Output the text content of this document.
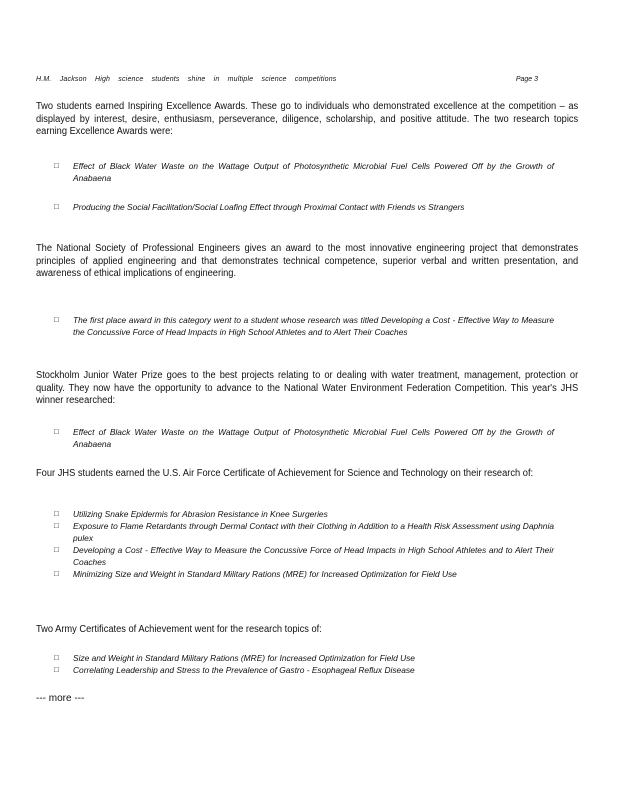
H.M. Jackson High science students shine in multiple science competitions	Page 3
Two students earned Inspiring Excellence Awards. These go to individuals who demonstrated excellence at the competition – as displayed by interest, desire, enthusiasm, perseverance, diligence, scholarship, and positive attitude. The two research topics earning Excellence Awards were:
□ Effect of Black Water Waste on the Wattage Output of Photosynthetic Microbial Fuel Cells Powered Off by the Growth of Anabaena
□ Producing the Social Facilitation/Social Loafing Effect through Proximal Contact with Friends vs Strangers
The National Society of Professional Engineers gives an award to the most innovative engineering project that demonstrates principles of applied engineering and that demonstrates technical competence, superior verbal and written presentation, and awareness of ethical implications of engineering.
□ The first place award in this category went to a student whose research was titled Developing a Cost - Effective Way to Measure the Concussive Force of Head Impacts in High School Athletes and to Alert Their Coaches
Stockholm Junior Water Prize goes to the best projects relating to or dealing with water treatment, management, protection or quality. They now have the opportunity to advance to the National Water Environment Federation Competition. This year's JHS winner researched:
□ Effect of Black Water Waste on the Wattage Output of Photosynthetic Microbial Fuel Cells Powered Off by the Growth of Anabaena
Four JHS students earned the U.S. Air Force Certificate of Achievement for Science and Technology on their research of:
□ Utilizing Snake Epidermis for Abrasion Resistance in Knee Surgeries
□ Exposure to Flame Retardants through Dermal Contact with their Clothing in Addition to a Health Risk Assessment using Daphnia pulex
□ Developing a Cost - Effective Way to Measure the Concussive Force of Head Impacts in High School Athletes and to Alert Their Coaches
□ Minimizing Size and Weight in Standard Military Rations (MRE) for Increased Optimization for Field Use
Two Army Certificates of Achievement went for the research topics of:
□ Size and Weight in Standard Military Rations (MRE) for Increased Optimization for Field Use
□ Correlating Leadership and Stress to the Prevalence of Gastro - Esophageal Reflux Disease
--- more ---
